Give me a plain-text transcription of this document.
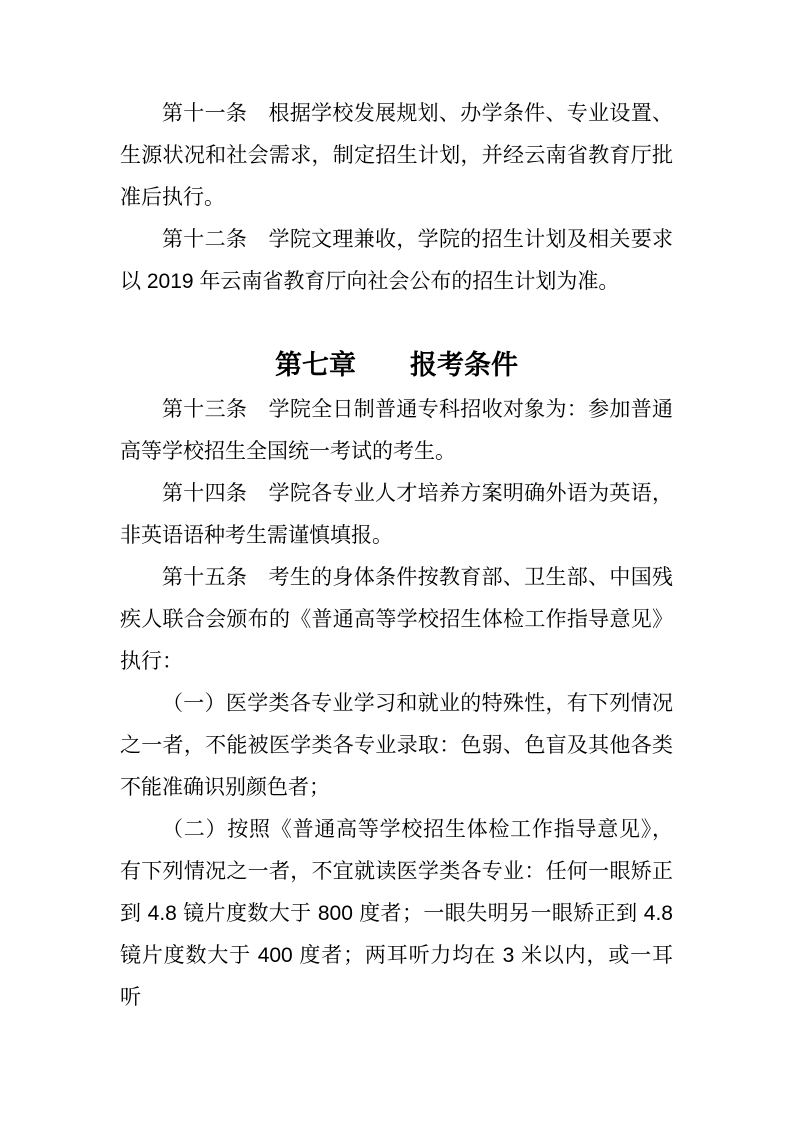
第十一条　根据学校发展规划、办学条件、专业设置、
生源状况和社会需求，制定招生计划，并经云南省教育厅批
准后执行。
第十二条　学院文理兼收，学院的招生计划及相关要求
以 2019 年云南省教育厅向社会公布的招生计划为准。
第七章　　报考条件
第十三条　学院全日制普通专科招收对象为：参加普通
高等学校招生全国统一考试的考生。
第十四条　学院各专业人才培养方案明确外语为英语，
非英语语种考生需谨慎填报。
第十五条　考生的身体条件按教育部、卫生部、中国残
疾人联合会颁布的《普通高等学校招生体检工作指导意见》
执行：
（一）医学类各专业学习和就业的特殊性，有下列情况
之一者，不能被医学类各专业录取：色弱、色盲及其他各类
不能准确识别颜色者；
（二）按照《普通高等学校招生体检工作指导意见》，
有下列情况之一者，不宜就读医学类各专业：任何一眼矫正
到 4.8 镜片度数大于 800 度者；一眼失明另一眼矫正到 4.8
镜片度数大于 400 度者；两耳听力均在 3 米以内，或一耳听
